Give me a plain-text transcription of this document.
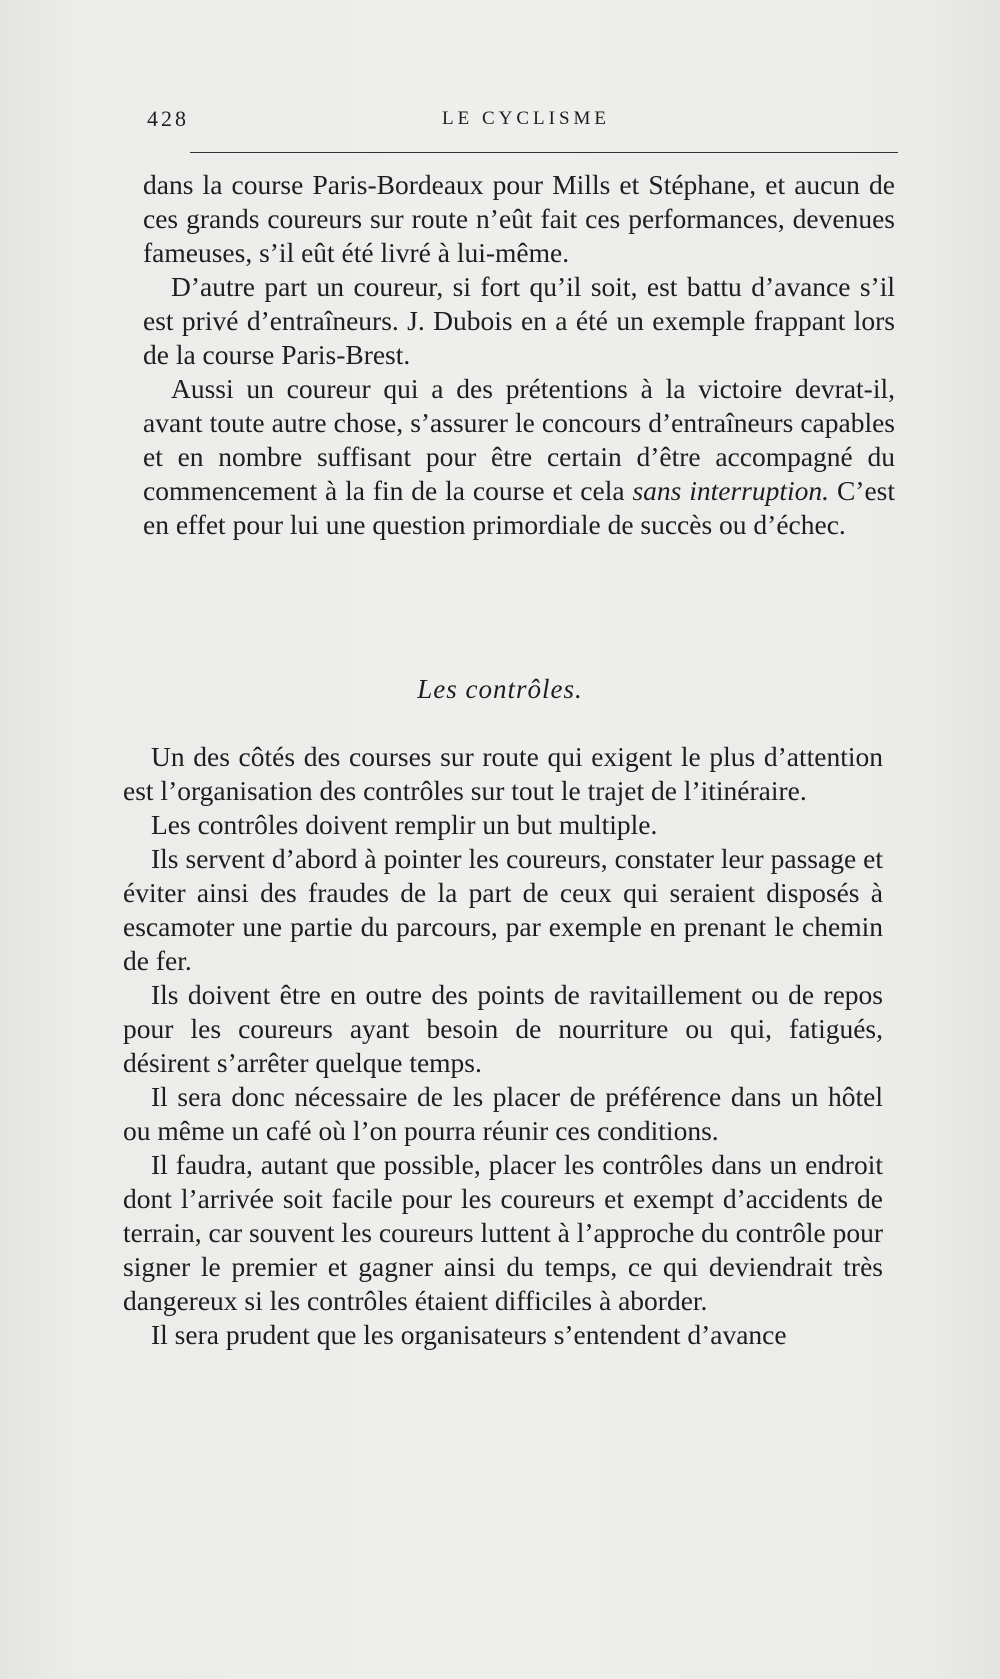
428	LE CYCLISME

dans la course Paris-Bordeaux pour Mills et Stéphane, et aucun de ces grands coureurs sur route n’eût fait ces performances, devenues fameuses, s’il eût été livré à lui-même.

D’autre part un coureur, si fort qu’il soit, est battu d’avance s’il est privé d’entraîneurs. J. Dubois en a été un exemple frappant lors de la course Paris-Brest.

Aussi un coureur qui a des prétentions à la victoire devrat-il, avant toute autre chose, s’assurer le concours d’entraîneurs capables et en nombre suffisant pour être certain d’être accompagné du commencement à la fin de la course et cela sans interruption. C’est en effet pour lui une question primordiale de succès ou d’échec.

Les contrôles.

Un des côtés des courses sur route qui exigent le plus d’attention est l’organisation des contrôles sur tout le trajet de l’itinéraire.

Les contrôles doivent remplir un but multiple.

Ils servent d’abord à pointer les coureurs, constater leur passage et éviter ainsi des fraudes de la part de ceux qui seraient disposés à escamoter une partie du parcours, par exemple en prenant le chemin de fer.

Ils doivent être en outre des points de ravitaillement ou de repos pour les coureurs ayant besoin de nourriture ou qui, fatigués, désirent s’arrêter quelque temps.

Il sera donc nécessaire de les placer de préférence dans un hôtel ou même un café où l’on pourra réunir ces conditions.

Il faudra, autant que possible, placer les contrôles dans un endroit dont l’arrivée soit facile pour les coureurs et exempt d’accidents de terrain, car souvent les coureurs luttent à l’approche du contrôle pour signer le premier et gagner ainsi du temps, ce qui deviendrait très dangereux si les contrôles étaient difficiles à aborder.

Il sera prudent que les organisateurs s’entendent d’avance
